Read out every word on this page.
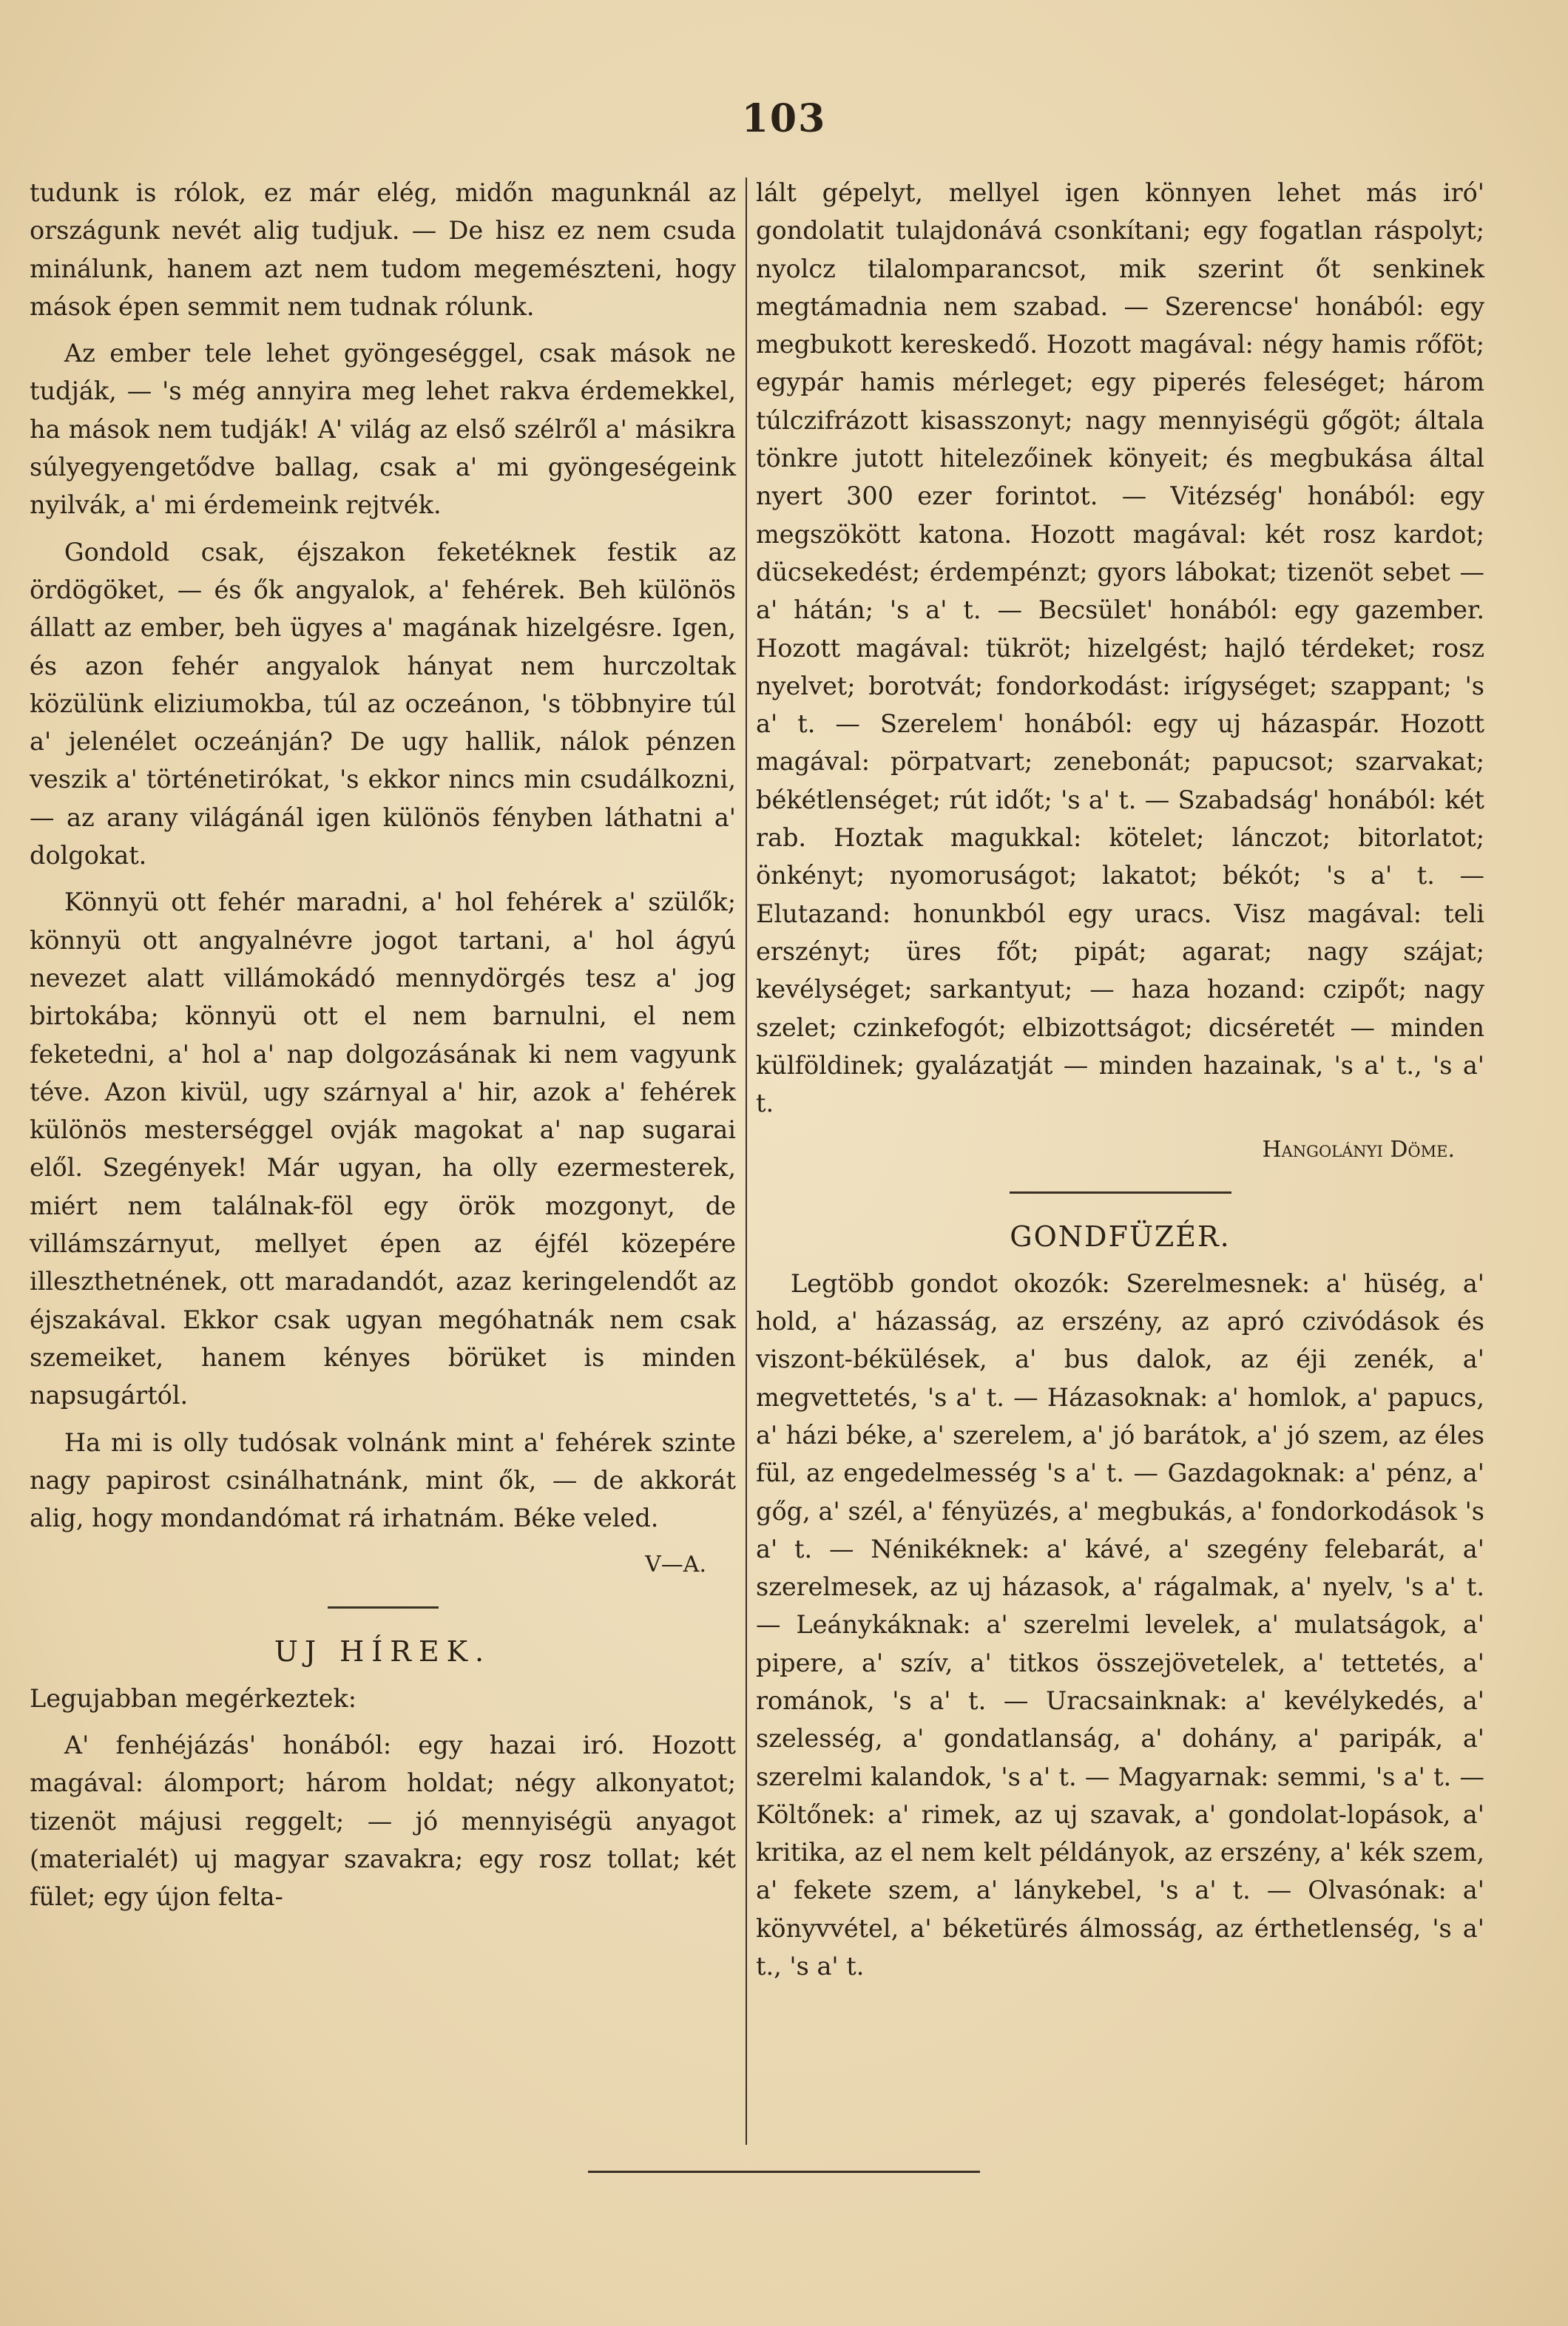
103

tudunk is rólok, ez már elég, midőn magunknál az országunk nevét alig tudjuk. — De hisz ez nem csuda minálunk, hanem azt nem tudom megemészteni, hogy mások épen semmit nem tudnak rólunk.

Az ember tele lehet gyöngeséggel, csak mások ne tudják, — 's még annyira meg lehet rakva érdemekkel, ha mások nem tudják! A' világ az első szélről a' másikra súlyegyengetődve ballag, csak a' mi gyöngeségeink nyilvák, a' mi érdemeink rejtvék.

Gondold csak, éjszakon feketéknek festik az ördögöket, — és ők angyalok, a' fehérek. Beh különös állatt az ember, beh ügyes a' magának hizelgésre. Igen, és azon fehér angyalok hányat nem hurczoltak közülünk eliziumokba, túl az oczeánon, 's többnyire túl a' jelenélet oczeánján? De ugy hallik, nálok pénzen veszik a' történetirókat, 's ekkor nincs min csudálkozni, — az arany világánál igen különös fényben láthatni a' dolgokat.

Könnyü ott fehér maradni, a' hol fehérek a' szülők; könnyü ott angyalnévre jogot tartani, a' hol ágyú nevezet alatt villámokádó mennydörgés tesz a' jog birtokába; könnyü ott el nem barnulni, el nem feketedni, a' hol a' nap dolgozásának ki nem vagyunk téve. Azon kivül, ugy szárnyal a' hir, azok a' fehérek különös mesterséggel ovják magokat a' nap sugarai elől. Szegények! Már ugyan, ha olly ezermesterek, miért nem találnak-föl egy örök mozgonyt, de villámszárnyut, mellyet épen az éjfél közepére illeszthetnének, ott maradandót, azaz keringelendőt az éjszakával. Ekkor csak ugyan megóhatnák nem csak szemeiket, hanem kényes börüket is minden napsugártól.

Ha mi is olly tudósak volnánk mint a' fehérek szinte nagy papirost csinálhatnánk, mint ők, — de akkorát alig, hogy mondandómat rá irhatnám. Béke veled.

V—A.
UJ HÍREK.

Legujabban megérkeztek:

A' fenhéjázás' honából: egy hazai iró. Hozott magával: álomport; három holdat; négy alkonyatot; tizenöt májusi reggelt; — jó mennyiségü anyagot (materialét) uj magyar szavakra; egy rosz tollat; két fület; egy újon felta-

lált gépelyt, mellyel igen könnyen lehet más iró' gondolatit tulajdonává csonkítani; egy fogatlan ráspolyt; nyolcz tilalomparancsot, mik szerint őt senkinek megtámadnia nem szabad. — Szerencse' honából: egy megbukott kereskedő. Hozott magával: négy hamis rőföt; egypár hamis mérleget; egy piperés feleséget; három túlczifrázott kisasszonyt; nagy mennyiségü gőgöt; általa tönkre jutott hitelezőinek könyeit; és megbukása által nyert 300 ezer forintot. — Vitézség' honából: egy megszökött katona. Hozott magával: két rosz kardot; dücsekedést; érdempénzt; gyors lábokat; tizenöt sebet — a' hátán; 's a' t. — Becsület' honából: egy gazember. Hozott magával: tükröt; hizelgést; hajló térdeket; rosz nyelvet; borotvát; fondorkodást: irígységet; szappant; 's a' t. — Szerelem' honából: egy uj házaspár. Hozott magával: pörpatvart; zenebonát; papucsot; szarvakat; békétlenséget; rút időt; 's a' t. — Szabadság' honából: két rab. Hoztak magukkal: kötelet; lánczot; bitorlatot; önkényt; nyomoruságot; lakatot; békót; 's a' t. — Elutazand: honunkból egy uracs. Visz magával: teli erszényt; üres főt; pipát; agarat; nagy szájat; kevélységet; sarkantyut; — haza hozand: czipőt; nagy szelet; czinkefogót; elbizottságot; dicséretét — minden külföldinek; gyalázatját — minden hazainak, 's a' t., 's a' t.

Hangolányi Döme.
GONDFÜZÉR.

Legtöbb gondot okozók: Szerelmesnek: a' hüség, a' hold, a' házasság, az erszény, az apró czivódások és viszont-békülések, a' bus dalok, az éji zenék, a' megvettetés, 's a' t. — Házasoknak: a' homlok, a' papucs, a' házi béke, a' szerelem, a' jó barátok, a' jó szem, az éles fül, az engedelmesség 's a' t. — Gazdagoknak: a' pénz, a' gőg, a' szél, a' fényüzés, a' megbukás, a' fondorkodások 's a' t. — Nénikéknek: a' kávé, a' szegény felebarát, a' szerelmesek, az uj házasok, a' rágalmak, a' nyelv, 's a' t. — Leánykáknak: a' szerelmi levelek, a' mulatságok, a' pipere, a' szív, a' titkos összejövetelek, a' tettetés, a' románok, 's a' t. — Uracsainknak: a' kevélykedés, a' szelesség, a' gondatlanság, a' dohány, a' paripák, a' szerelmi kalandok, 's a' t. — Magyarnak: semmi, 's a' t. — Költőnek: a' rimek, az uj szavak, a' gondolat-lopások, a' kritika, az el nem kelt példányok, az erszény, a' kék szem, a' fekete szem, a' lánykebel, 's a' t. — Olvasónak: a' könyvvétel, a' béketürés álmosság, az érthetlenség, 's a' t., 's a' t.
